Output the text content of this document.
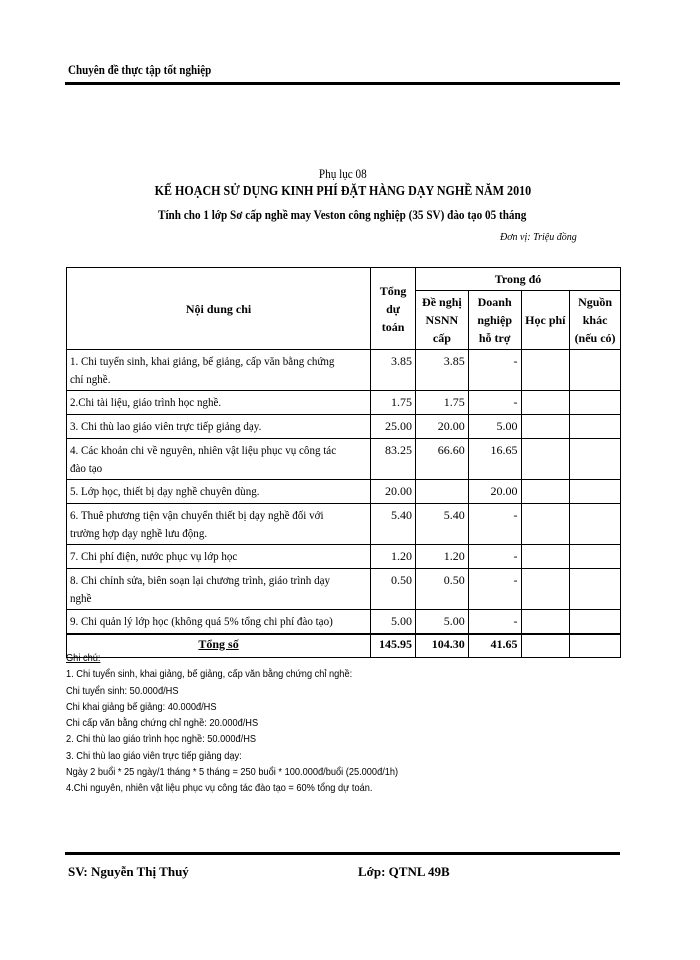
Chuyên đề thực tập tốt nghiệp
Phụ lục 08
KẾ HOẠCH SỬ DỤNG KINH PHÍ ĐẶT HÀNG DẠY NGHỀ NĂM 2010
Tính cho 1 lớp Sơ cấp nghề may Veston công nghiệp (35 SV) đào tạo 05 tháng
Đơn vị: Triệu đồng
Nội dung chi	Tổng dự toán	Trong đó			
		Đề nghị NSNN cấp	Doanh nghiệp hỗ trợ	Học phí	Nguồn khác (nếu có)
1. Chi tuyển sinh, khai giảng, bế giảng, cấp văn bằng chứng chỉ nghề.	3.85	3.85	-		
2.Chi tài liệu, giáo trình học nghề.	1.75	1.75	-		
3. Chi thù lao giáo viên trực tiếp giảng dạy.	25.00	20.00	5.00		
4. Các khoản chi về nguyên, nhiên vật liệu phục vụ công tác đào tạo	83.25	66.60	16.65		
5. Lớp học, thiết bị dạy nghề chuyên dùng.	20.00		20.00		
6. Thuê phương tiện vận chuyển thiết bị dạy nghề đối với trường hợp dạy nghề lưu động.	5.40	5.40	-		
7. Chi phí điện, nước phục vụ lớp học	1.20	1.20	-		
8. Chi chỉnh sửa, biên soạn lại chương trình, giáo trình dạy nghề	0.50	0.50	-		
9. Chi quản lý lớp học (không quá 5% tổng chi phí đào tạo)	5.00	5.00	-		
Tổng số	145.95	104.30	41.65		
Ghi chú:
1. Chi tuyển sinh, khai giảng, bế giảng, cấp văn bằng chứng chỉ nghề:
Chi tuyển sinh: 50.000đ/HS
Chi khai giảng bế giảng: 40.000đ/HS
Chi cấp văn bằng chứng chỉ nghề: 20.000đ/HS
2. Chi thù lao giáo trình học nghề: 50.000đ/HS
3. Chi thù lao giáo viên trực tiếp giảng dạy:
Ngày 2 buổi * 25 ngày/1 tháng * 5 tháng = 250 buổi * 100.000đ/buổi (25.000đ/1h)
4.Chi nguyên, nhiên vật liệu phục vụ công tác đào tạo = 60% tổng dự toán.
SV: Nguyễn Thị Thuý	Lớp: QTNL 49B
